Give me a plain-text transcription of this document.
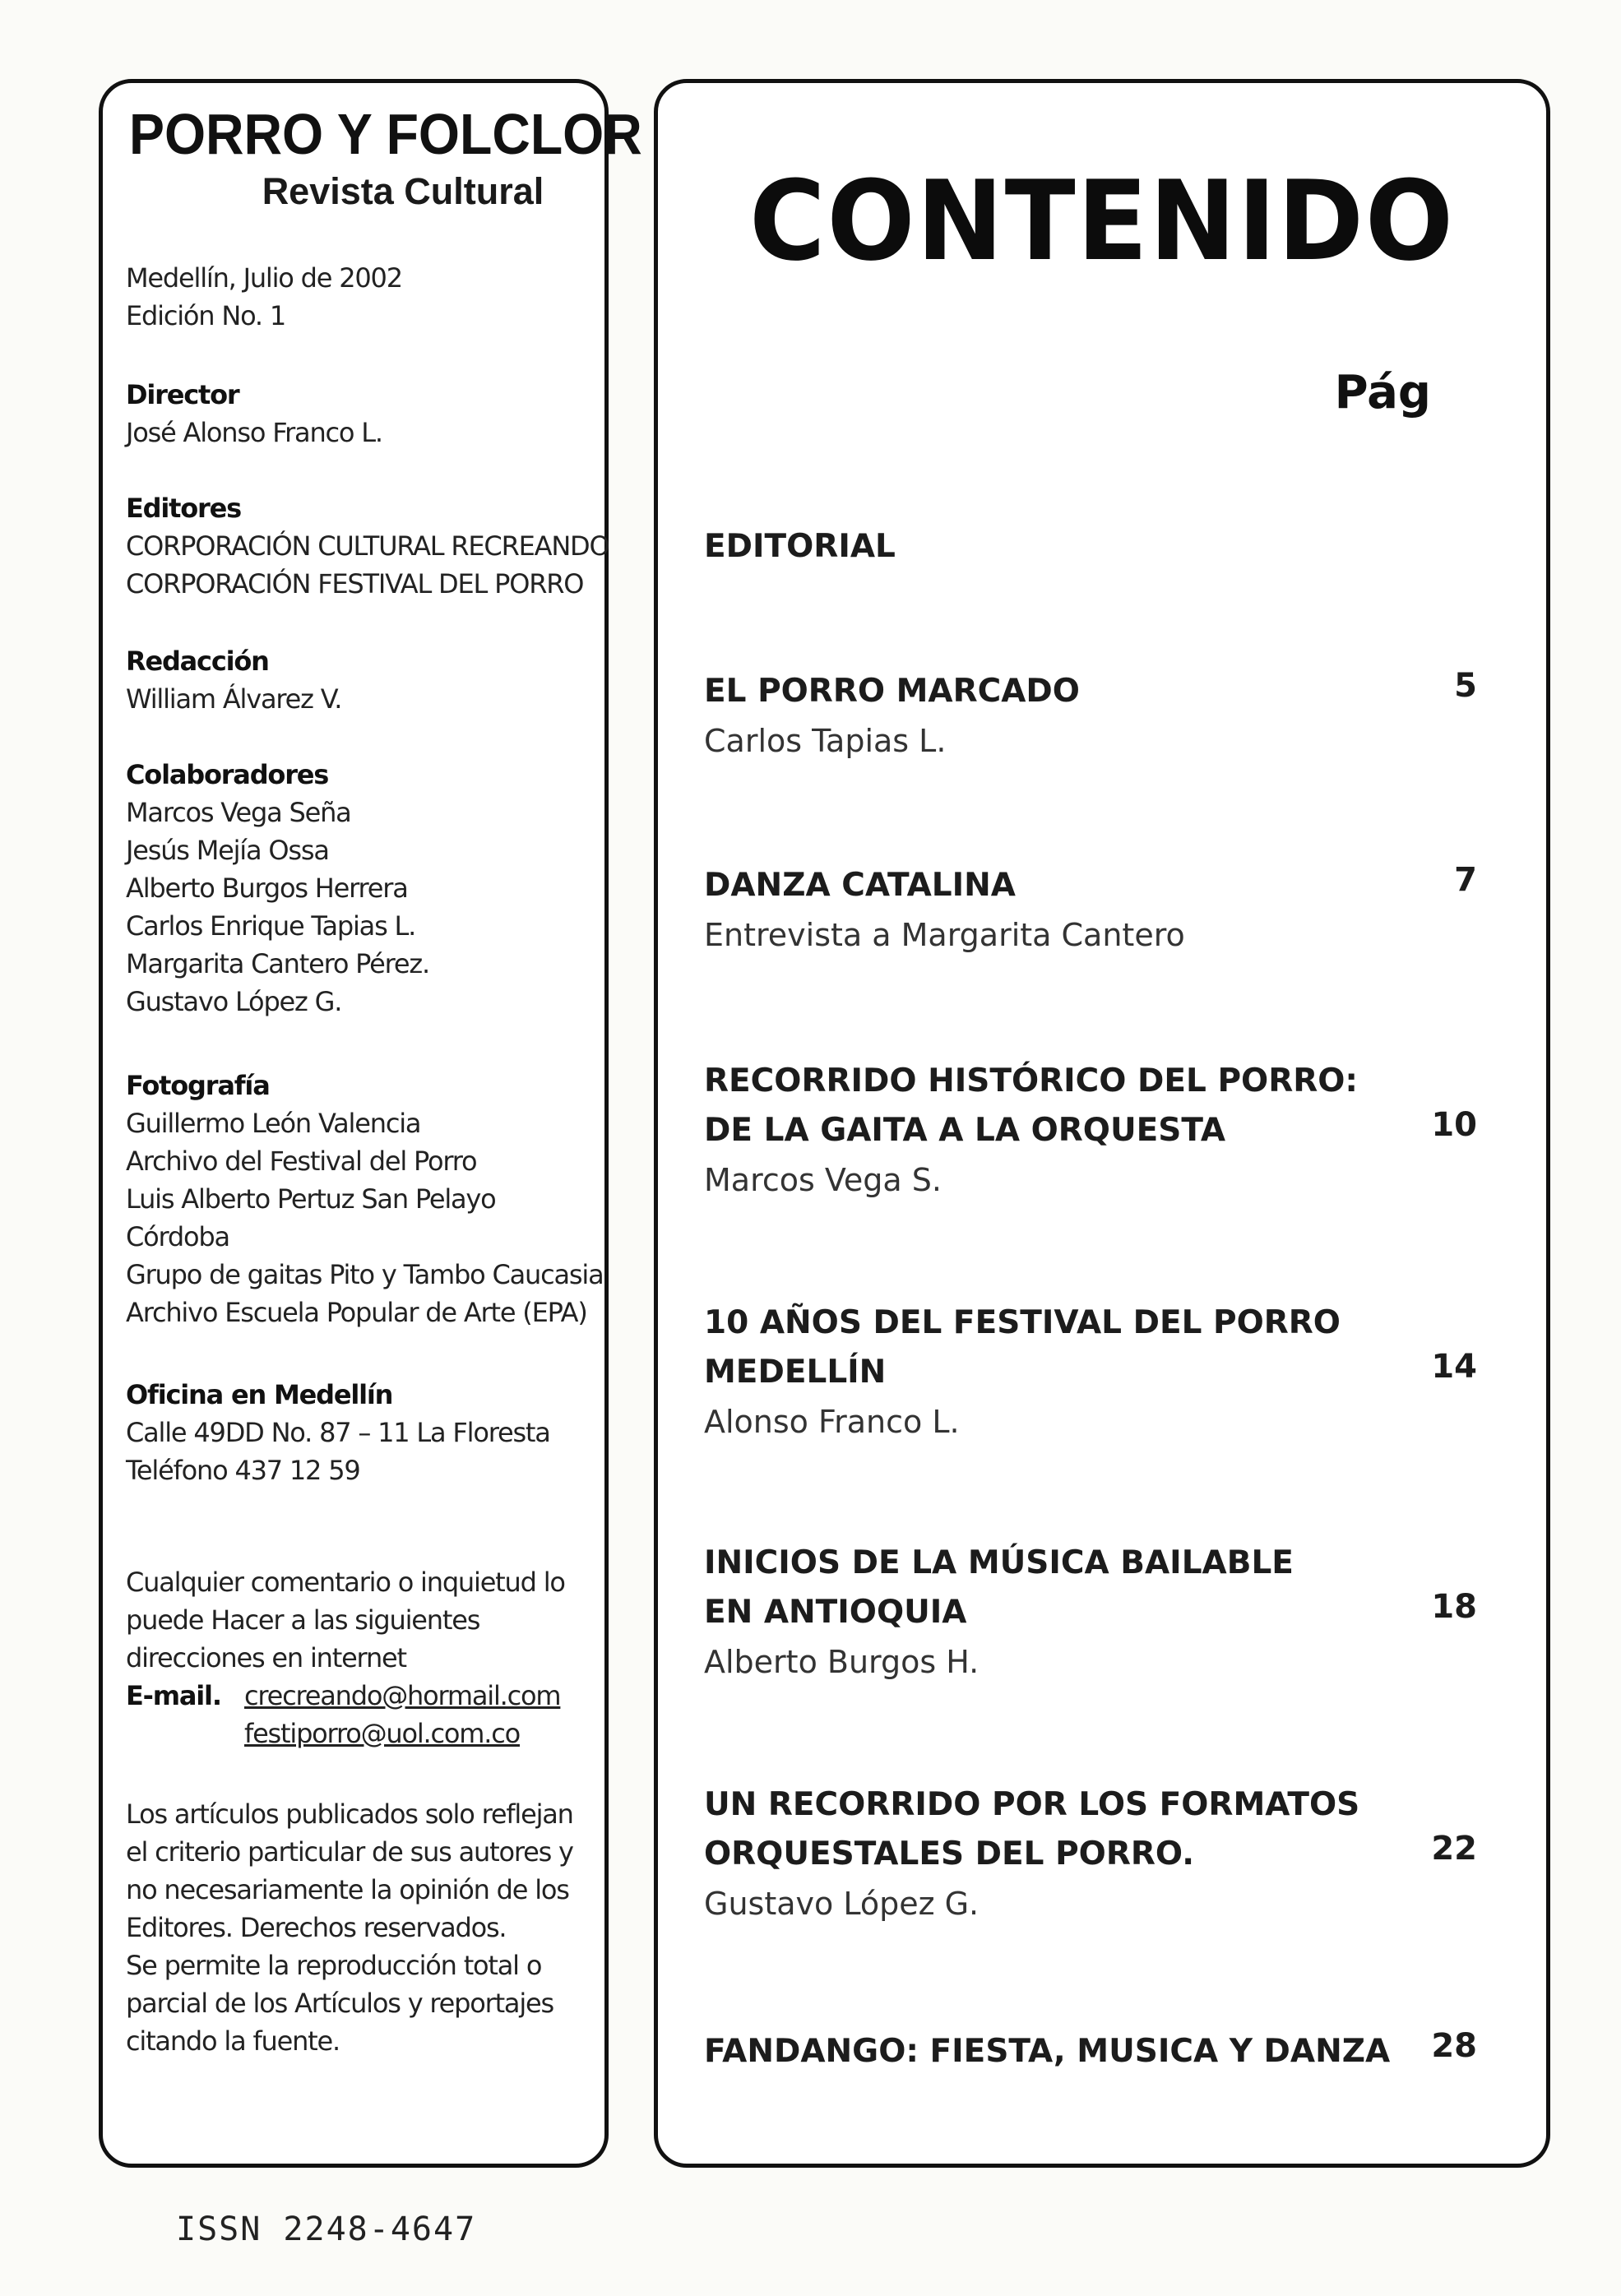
PORRO Y FOLCLOR
Revista Cultural
Medellín, Julio de 2002
Edición No. 1
Director
José Alonso Franco L.
Editores
CORPORACIÓN CULTURAL RECREANDO
CORPORACIÓN FESTIVAL DEL PORRO
Redacción
William Álvarez V.
Colaboradores
Marcos Vega Seña
Jesús Mejía Ossa
Alberto Burgos Herrera
Carlos Enrique Tapias L.
Margarita Cantero Pérez.
Gustavo López G.
Fotografía
Guillermo León Valencia
Archivo del Festival del Porro
Luis Alberto Pertuz San Pelayo
Córdoba
Grupo de gaitas Pito y Tambo Caucasia
Archivo Escuela Popular de Arte (EPA)
Oficina en Medellín
Calle 49DD No. 87 – 11 La Floresta
Teléfono 437 12 59
Cualquier comentario o inquietud lo
puede Hacer a las siguientes
direcciones en internet
E-mail. crecreando@hormail.com
festiporro@uol.com.co
Los artículos publicados solo reflejan
el criterio particular de sus autores y
no necesariamente la opinión de los
Editores. Derechos reservados.
Se permite la reproducción total o
parcial de los Artículos y reportajes
citando la fuente.
CONTENIDO
Pág
EDITORIAL
EL PORRO MARCADO
Carlos Tapias L.
5
DANZA CATALINA
Entrevista a Margarita Cantero
7
RECORRIDO HISTÓRICO DEL PORRO:
DE LA GAITA A LA ORQUESTA
Marcos Vega S.
10
10 AÑOS DEL FESTIVAL DEL PORRO
MEDELLÍN
Alonso Franco L.
14
INICIOS DE LA MÚSICA BAILABLE
EN ANTIOQUIA
Alberto Burgos H.
18
UN RECORRIDO POR LOS FORMATOS
ORQUESTALES DEL PORRO.
Gustavo López G.
22
FANDANGO: FIESTA, MUSICA Y DANZA	28
ISSN 2248-4647
